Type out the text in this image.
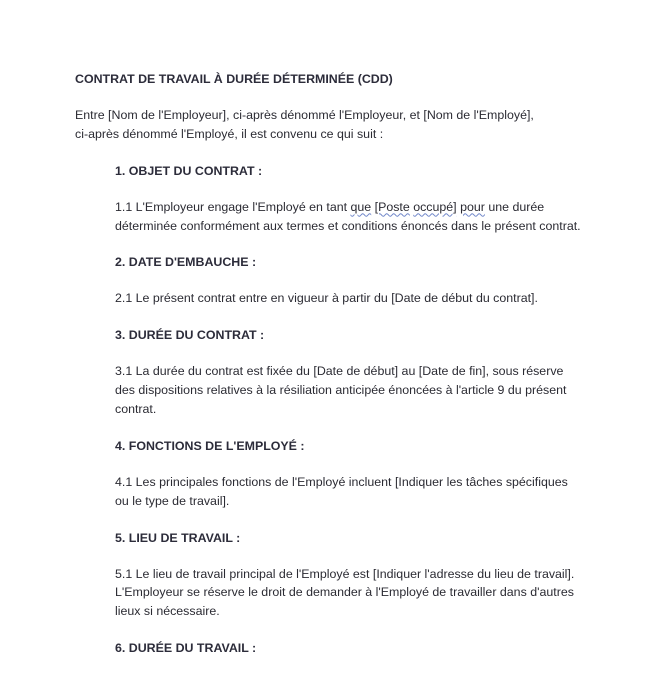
CONTRAT DE TRAVAIL À DURÉE DÉTERMINÉE (CDD)
Entre [Nom de l'Employeur], ci-après dénommé l'Employeur, et [Nom de l'Employé],
ci-après dénommé l'Employé, il est convenu ce qui suit :
1. OBJET DU CONTRAT :
1.1 L'Employeur engage l'Employé en tant que [Poste occupé] pour une durée déterminée conformément aux termes et conditions énoncés dans le présent contrat.
2. DATE D'EMBAUCHE :
2.1 Le présent contrat entre en vigueur à partir du [Date de début du contrat].
3. DURÉE DU CONTRAT :
3.1 La durée du contrat est fixée du [Date de début] au [Date de fin], sous réserve des dispositions relatives à la résiliation anticipée énoncées à l'article 9 du présent contrat.
4. FONCTIONS DE L'EMPLOYÉ :
4.1 Les principales fonctions de l'Employé incluent [Indiquer les tâches spécifiques ou le type de travail].
5. LIEU DE TRAVAIL :
5.1 Le lieu de travail principal de l'Employé est [Indiquer l'adresse du lieu de travail]. L'Employeur se réserve le droit de demander à l'Employé de travailler dans d'autres lieux si nécessaire.
6. DURÉE DU TRAVAIL :
